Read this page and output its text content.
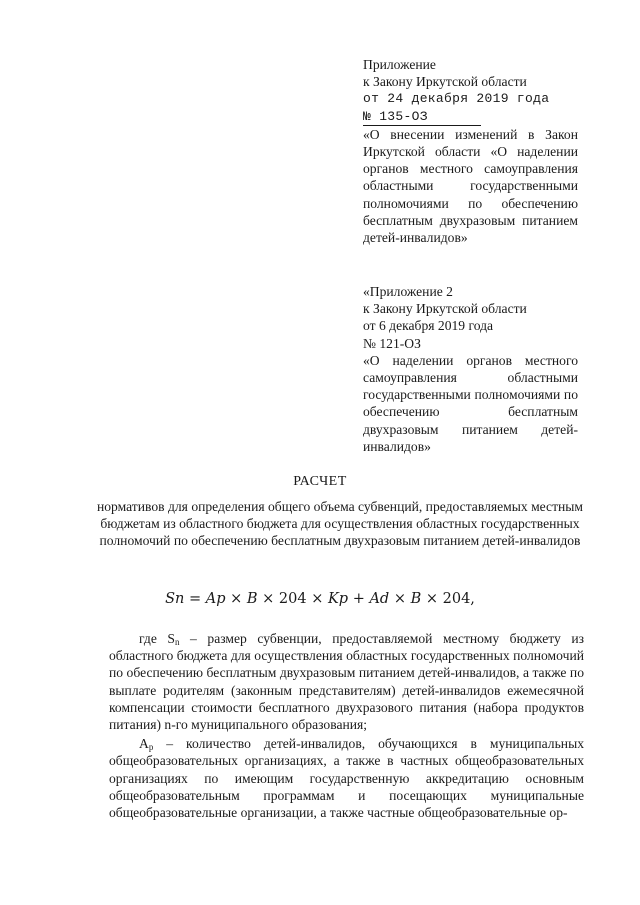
Приложение
к Закону Иркутской области
от 24 декабря 2019 года
№ 135-ОЗ
«О внесении изменений в Закон Иркутской области «О наделении органов местного самоуправления областными государственными полномочиями по обеспечению бесплатным двухразовым питанием детей-инвалидов»
«Приложение 2
к Закону Иркутской области
от 6 декабря 2019 года
№ 121-ОЗ
«О наделении органов местного самоуправления областными государственными полномочиями по обеспечению бесплатным двухразовым питанием детей-инвалидов»
РАСЧЕТ
нормативов для определения общего объема субвенций, предоставляемых местным бюджетам из областного бюджета для осуществления областных государственных полномочий по обеспечению бесплатным двухразовым питанием детей-инвалидов
Sn = Ap × B × 204 × Kp + Ad × B × 204,

где $S_n$ – размер субвенции, предоставляемой местному бюджету из областного бюджета для осуществления областных государственных полномочий по обеспечению бесплатным двухразовым питанием детей-инвалидов, а также по выплате родителям (законным представителям) детей-инвалидов ежемесячной компенсации стоимости бесплатного двухразового питания (набора продуктов питания) n-го муниципального образования;

$А_р$ – количество детей-инвалидов, обучающихся в муниципальных общеобразовательных организациях, а также в частных общеобразовательных организациях по имеющим государственную аккредитацию основным общеобразовательным программам и посещающих муниципальные общеобразовательные организации, а также частные общеобразовательные ор-
